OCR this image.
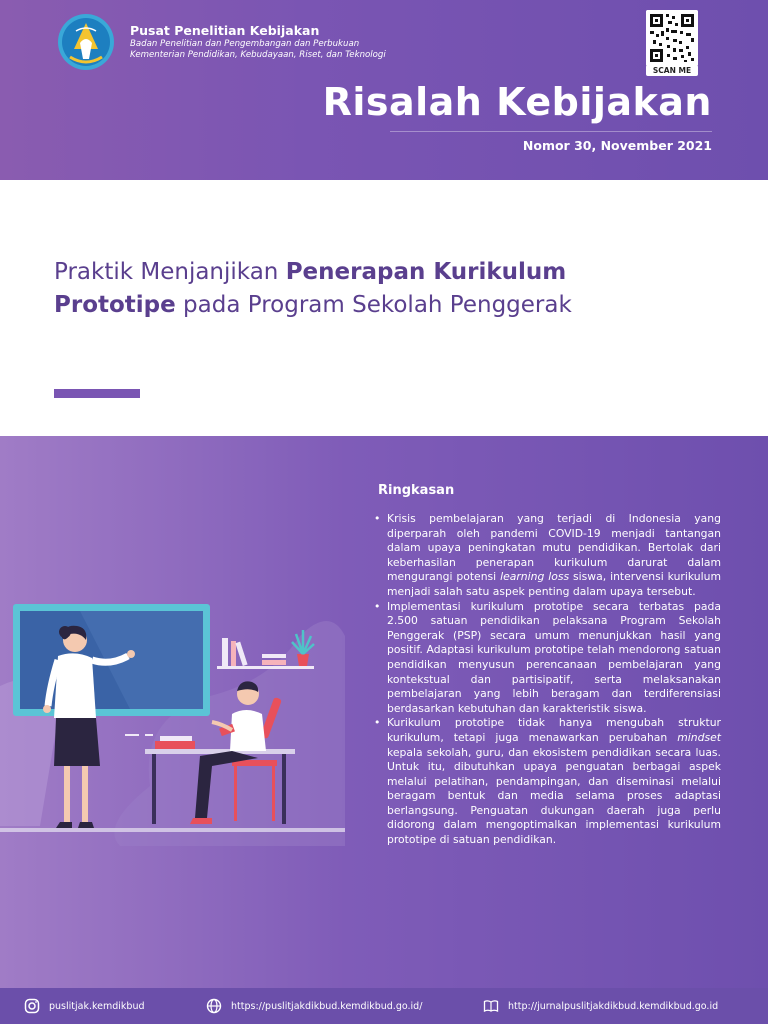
Pusat Penelitian Kebijakan
Badan Penelitian dan Pengembangan dan Perbukuan
Kementerian Pendidikan, Kebudayaan, Riset, dan Teknologi
SCAN ME
Risalah Kebijakan
Nomor 30, November 2021
Praktik Menjanjikan Penerapan Kurikulum Prototipe pada Program Sekolah Penggerak
Ringkasan
• Krisis pembelajaran yang terjadi di Indonesia yang diperparah oleh pandemi COVID-19 menjadi tantangan dalam upaya peningkatan mutu pendidikan. Bertolak dari keberhasilan penerapan kurikulum darurat dalam mengurangi potensi learning loss siswa, intervensi kurikulum menjadi salah satu aspek penting dalam upaya tersebut.
• Implementasi kurikulum prototipe secara terbatas pada 2.500 satuan pendidikan pelaksana Program Sekolah Penggerak (PSP) secara umum menunjukkan hasil yang positif. Adaptasi kurikulum prototipe telah mendorong satuan pendidikan menyusun perencanaan pembelajaran yang kontekstual dan partisipatif, serta melaksanakan pembelajaran yang lebih beragam dan terdiferensiasi berdasarkan kebutuhan dan karakteristik siswa.
• Kurikulum prototipe tidak hanya mengubah struktur kurikulum, tetapi juga menawarkan perubahan mindset kepala sekolah, guru, dan ekosistem pendidikan secara luas. Untuk itu, dibutuhkan upaya penguatan berbagai aspek melalui pelatihan, pendampingan, dan diseminasi melalui beragam bentuk dan media selama proses adaptasi berlangsung. Penguatan dukungan daerah juga perlu didorong dalam mengoptimalkan implementasi kurikulum prototipe di satuan pendidikan.
puslitjak.kemdikbud	https://puslitjakdikbud.kemdikbud.go.id/	http://jurnalpuslitjakdikbud.kemdikbud.go.id
